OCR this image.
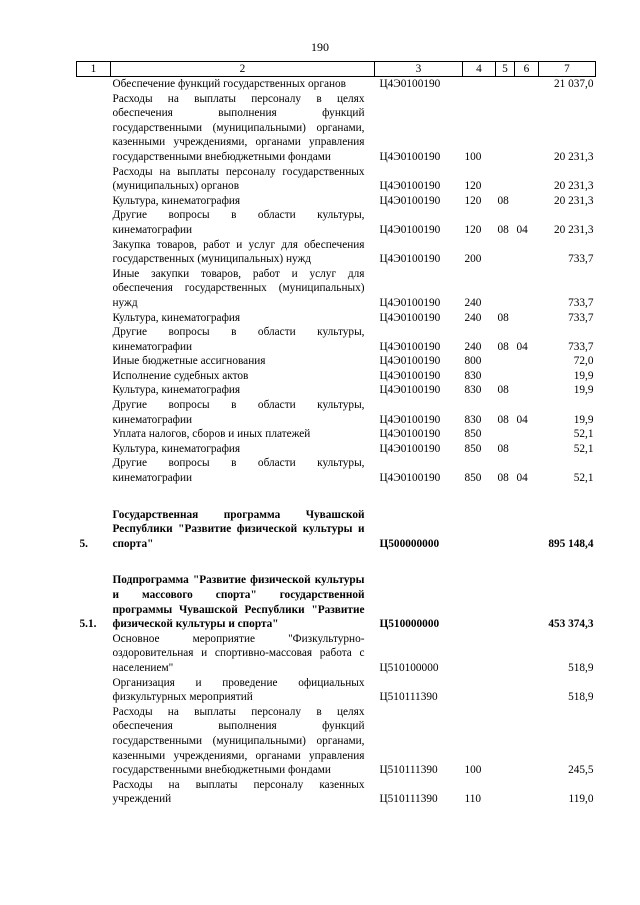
190
1	2	3	4	5	6	7
	Обеспечение функций государственных органов	Ц4Э0100190				21 037,0
	Расходы на выплаты персоналу в целях обеспечения выполнения функций государственными (муниципальными) органами, казенными учреждениями, органами управления государственными внебюджетными фондами	Ц4Э0100190	100			20 231,3
	Расходы на выплаты персоналу государственных (муниципальных) органов	Ц4Э0100190	120			20 231,3
	Культура, кинематография	Ц4Э0100190	120	08		20 231,3
	Другие вопросы в области культуры, кинематографии	Ц4Э0100190	120	08	04	20 231,3
	Закупка товаров, работ и услуг для обеспечения государственных (муниципальных) нужд	Ц4Э0100190	200			733,7
	Иные закупки товаров, работ и услуг для обеспечения государственных (муниципальных) нужд	Ц4Э0100190	240			733,7
	Культура, кинематография	Ц4Э0100190	240	08		733,7
	Другие вопросы в области культуры, кинематографии	Ц4Э0100190	240	08	04	733,7
	Иные бюджетные ассигнования	Ц4Э0100190	800			72,0
	Исполнение судебных актов	Ц4Э0100190	830			19,9
	Культура, кинематография	Ц4Э0100190	830	08		19,9
	Другие вопросы в области культуры, кинематографии	Ц4Э0100190	830	08	04	19,9
	Уплата налогов, сборов и иных платежей	Ц4Э0100190	850			52,1
	Культура, кинематография	Ц4Э0100190	850	08		52,1
	Другие вопросы в области культуры, кинематографии	Ц4Э0100190	850	08	04	52,1

5.	Государственная программа Чувашской Республики "Развитие физической культуры и спорта"	Ц500000000				895 148,4

5.1.	Подпрограмма "Развитие физической культуры и массового спорта" государственной программы Чувашской Республики "Развитие физической культуры и спорта"	Ц510000000				453 374,3
	Основное мероприятие "Физкультурно-оздоровительная и спортивно-массовая работа с населением"	Ц510100000				518,9
	Организация и проведение официальных физкультурных мероприятий	Ц510111390				518,9
	Расходы на выплаты персоналу в целях обеспечения выполнения функций государственными (муниципальными) органами, казенными учреждениями, органами управления государственными внебюджетными фондами	Ц510111390	100			245,5
	Расходы на выплаты персоналу казенных учреждений	Ц510111390	110			119,0
